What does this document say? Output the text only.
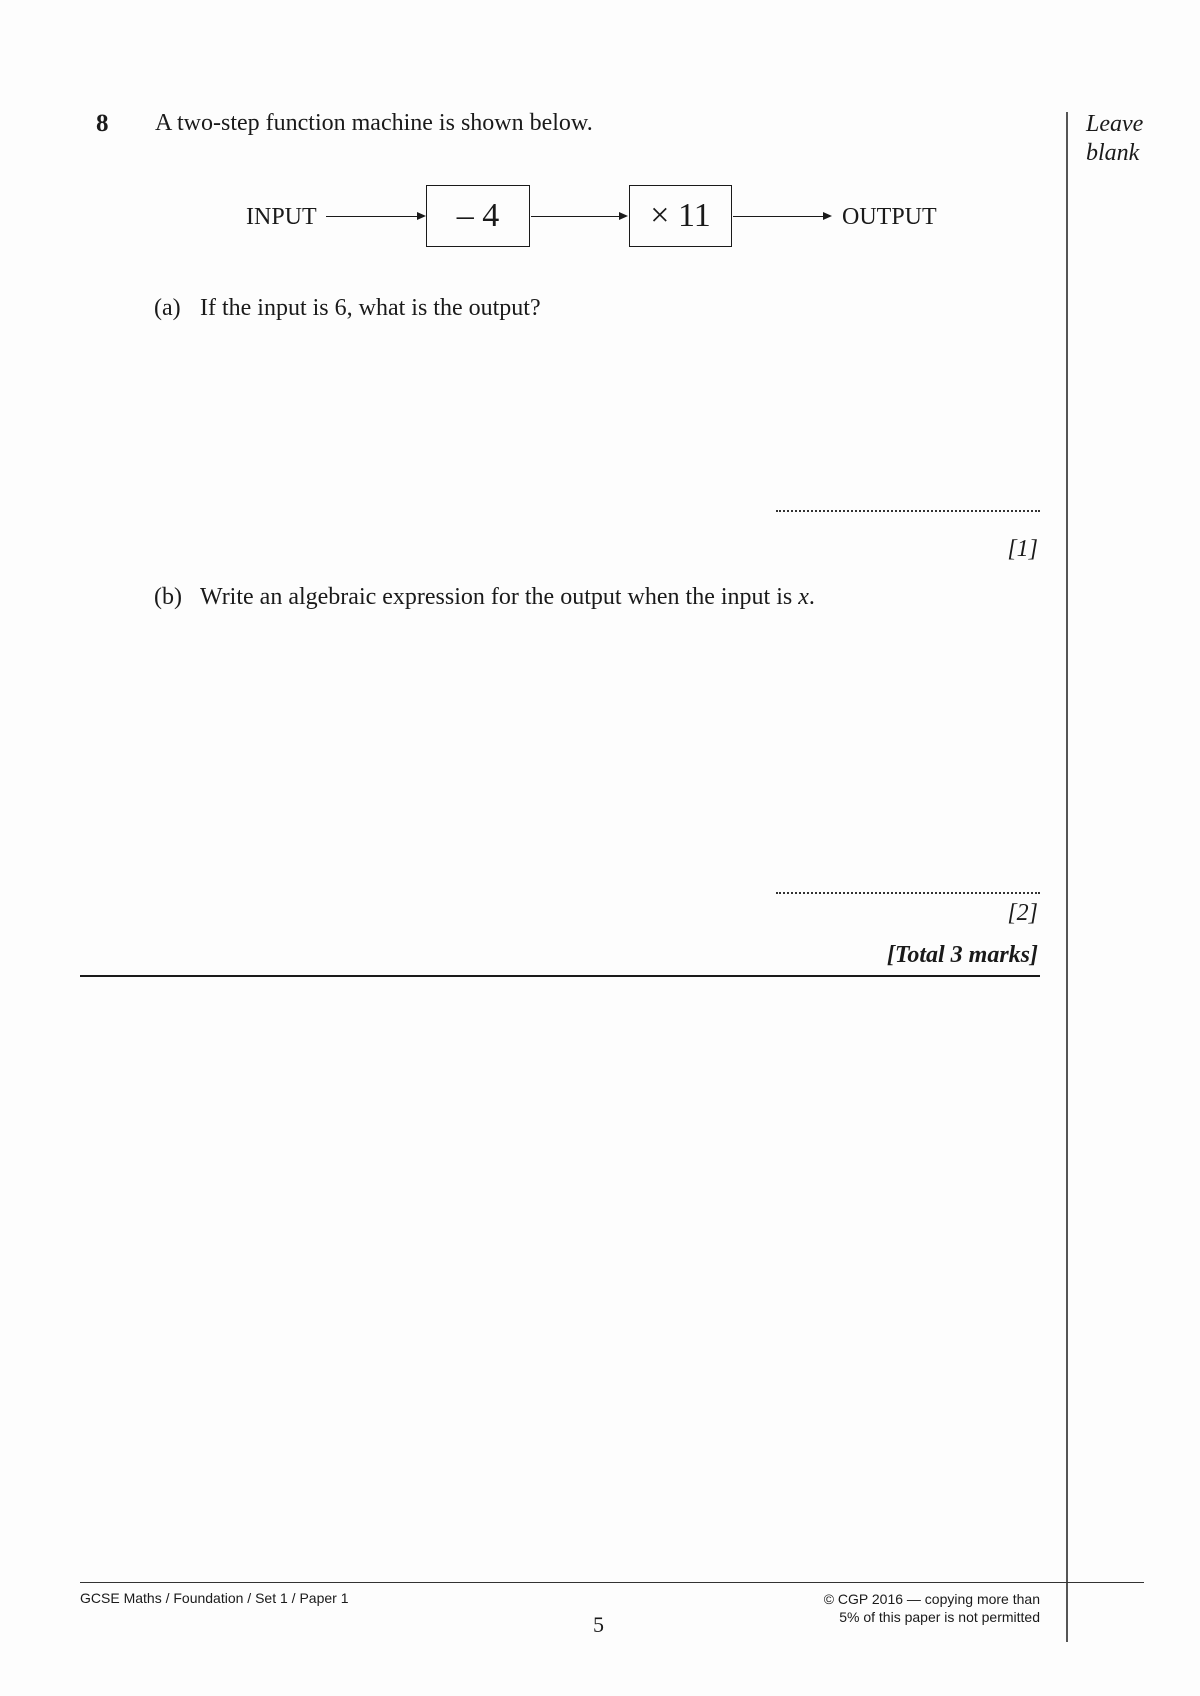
8 A two-step function machine is shown below.	Leave
blank
INPUT	– 4	× 11	OUTPUT
(a) If the input is 6, what is the output?
[1]
(b) Write an algebraic expression for the output when the input is x.
[2]
[Total 3 marks]
GCSE Maths / Foundation / Set 1 / Paper 1
5
© CGP 2016 — copying more than
5% of this paper is not permitted
